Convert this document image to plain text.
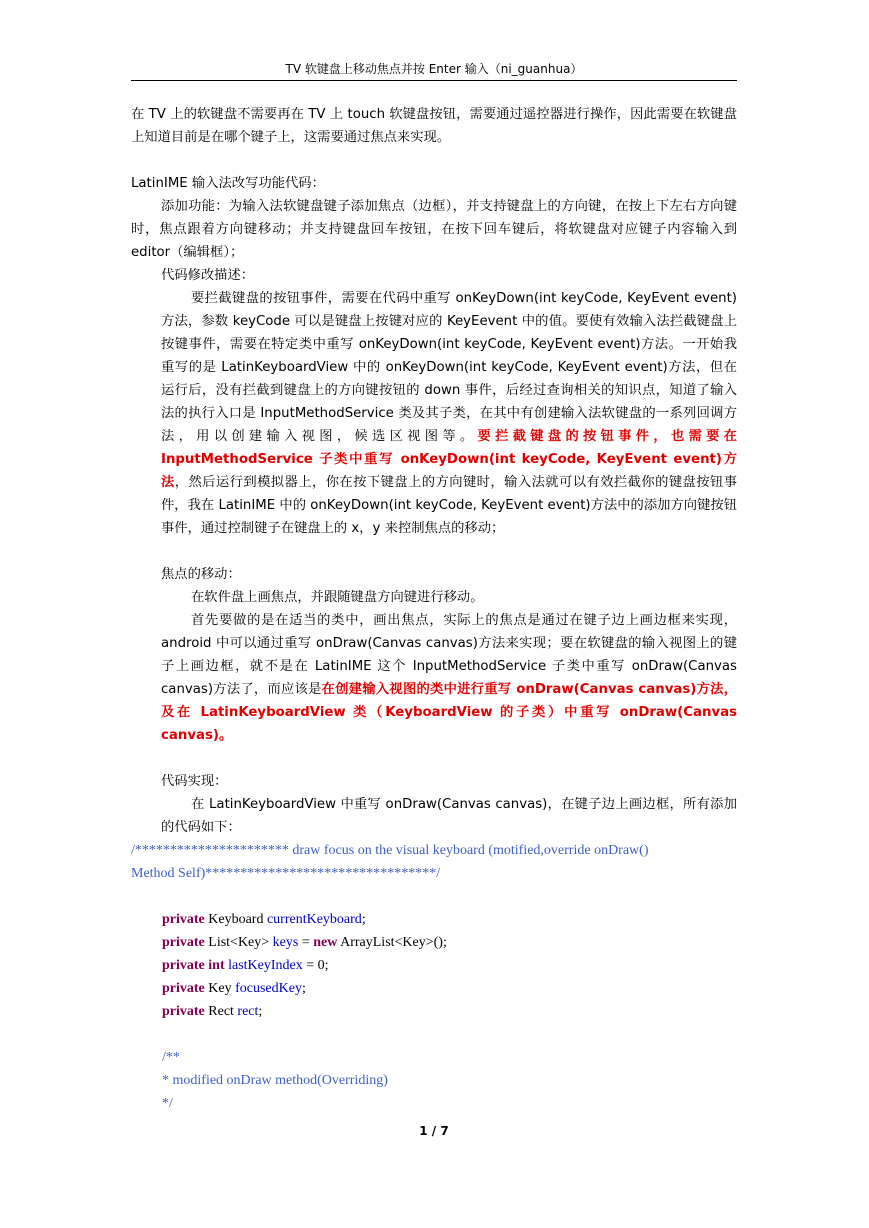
TV 软键盘上移动焦点并按 Enter 输入（ni_guanhua）

在 TV 上的软键盘不需要再在 TV 上 touch 软键盘按钮，需要通过遥控器进行操作，因此需要在软键盘上知道目前是在哪个键子上，这需要通过焦点来实现。

LatinIME 输入法改写功能代码：

添加功能：为输入法软键盘键子添加焦点（边框），并支持键盘上的方向键，在按上下左右方向键时，焦点跟着方向键移动；并支持键盘回车按钮，在按下回车键后，将软键盘对应键子内容输入到 editor（编辑框）；

代码修改描述：

要拦截键盘的按钮事件，需要在代码中重写 onKeyDown(int keyCode, KeyEvent event)方法，参数 keyCode 可以是键盘上按键对应的 KeyEevent 中的值。要使有效输入法拦截键盘上按键事件，需要在特定类中重写 onKeyDown(int keyCode, KeyEvent event)方法。一开始我重写的是 LatinKeyboardView 中的 onKeyDown(int keyCode, KeyEvent event)方法，但在运行后，没有拦截到键盘上的方向键按钮的 down 事件，后经过查询相关的知识点，知道了输入法的执行入口是 InputMethodService 类及其子类，在其中有创建输入法软键盘的一系列回调方法，用以创建输入视图，候选区视图等。要拦截键盘的按钮事件，也需要在 InputMethodService 子类中重写 onKeyDown(int keyCode, KeyEvent event)方法，然后运行到模拟器上，你在按下键盘上的方向键时，输入法就可以有效拦截你的键盘按钮事件，我在 LatinIME 中的 onKeyDown(int keyCode, KeyEvent event)方法中的添加方向键按钮事件，通过控制键子在键盘上的 x，y 来控制焦点的移动；

焦点的移动：

在软件盘上画焦点，并跟随键盘方向键进行移动。

首先要做的是在适当的类中，画出焦点，实际上的焦点是通过在键子边上画边框来实现，android 中可以通过重写 onDraw(Canvas canvas)方法来实现；要在软键盘的输入视图上的键子上画边框，就不是在 LatinIME 这个 InputMethodService 子类中重写 onDraw(Canvas canvas)方法了，而应该是在创建输入视图的类中进行重写 onDraw(Canvas canvas)方法，及在 LatinKeyboardView 类（KeyboardView 的子类）中重写 onDraw(Canvas canvas)。

代码实现：

在 LatinKeyboardView 中重写 onDraw(Canvas canvas)，在键子边上画边框，所有添加的代码如下：

/********************** draw focus on the visual keyboard (motified,override onDraw()

Method Self)*********************************/

private Keyboard currentKeyboard;

private List<Key> keys = new ArrayList<Key>();

private int lastKeyIndex = 0;

private Key focusedKey;

private Rect rect;

/**

* modified onDraw method(Overriding)

*/

1 / 7
